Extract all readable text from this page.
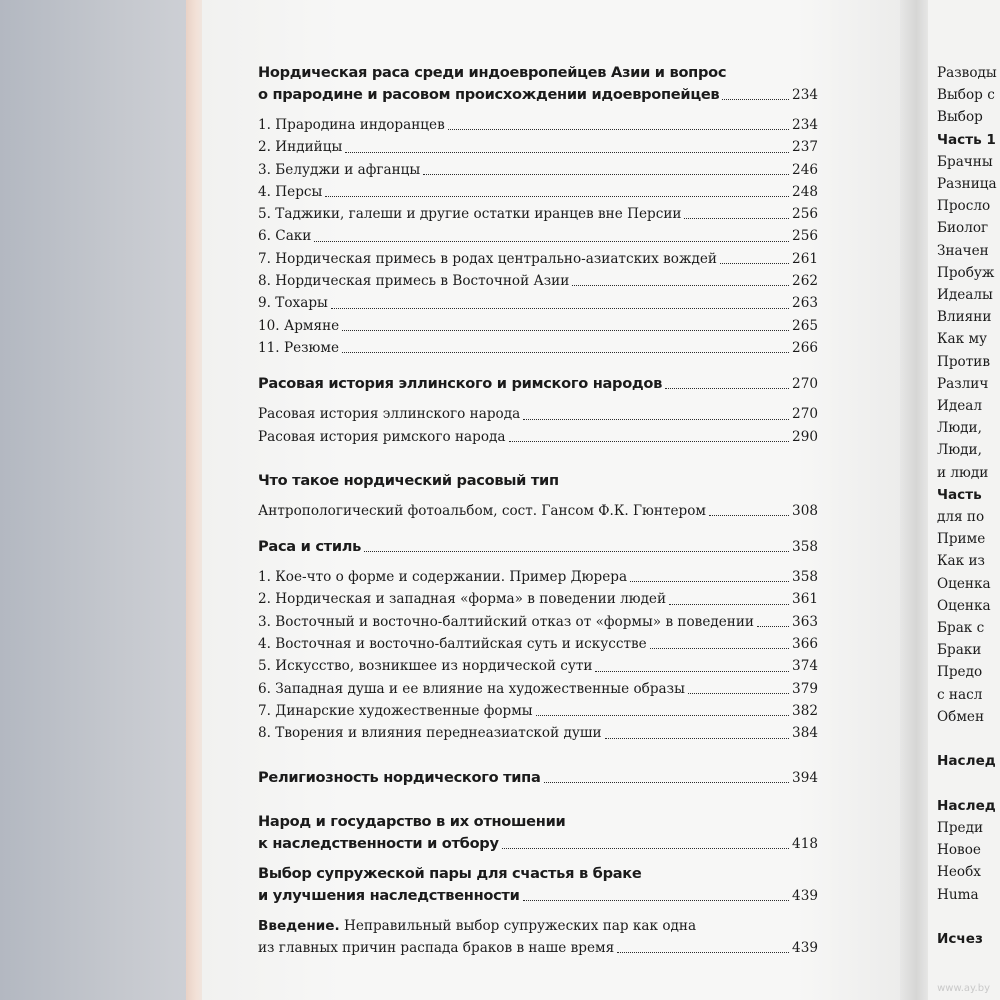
Нордическая раса среди индоевропейцев Азии и вопрос
о прародине и расовом происхождении идоевропейцев	234
1. Прародина индоранцев	234
2. Индийцы	237
3. Белуджи и афганцы	246
4. Персы	248
5. Таджики, галеши и другие остатки иранцев вне Персии	256
6. Саки	256
7. Нордическая примесь в родах центрально-азиатских вождей	261
8. Нордическая примесь в Восточной Азии	262
9. Тохары	263
10. Армяне	265
11. Резюме	266
Расовая история эллинского и римского народов	270
Расовая история эллинского народа	270
Расовая история римского народа	290
Что такое нордический расовый тип
Антропологический фотоальбом, сост. Гансом Ф.К. Гюнтером	308
Раса и стиль	358
1. Кое-что о форме и содержании. Пример Дюрера	358
2. Нордическая и западная «форма» в поведении людей	361
3. Восточный и восточно-балтийский отказ от «формы» в поведении	363
4. Восточная и восточно-балтийская суть и искусстве	366
5. Искусство, возникшее из нордической сути	374
6. Западная душа и ее влияние на художественные образы	379
7. Динарские художественные формы	382
8. Творения и влияния переднеазиатской души	384
Религиозность нордического типа	394
Народ и государство в их отношении
к наследственности и отбору	418
Выбор супружеской пары для счастья в браке
и улучшения наследственности	439
Введение. Неправильный выбор супружеских пар как одна
из главных причин распада браков в наше время	439
Разводы
Выбор с
Выбор
Часть 1
Брачны
Разница
Просло
Биолог
Значен
Пробуж
Идеалы
Влияни
Как му
Против
Различ
Идеал
Люди,
Люди,
и люди
Часть
для по
Приме
Как из
Оценка
Оценка
Брак с
Браки
Предо
с насл
Обмен

Наслед

Наслед
Преди
Новое
Необх
Huma

Исчез
www.ay.by
